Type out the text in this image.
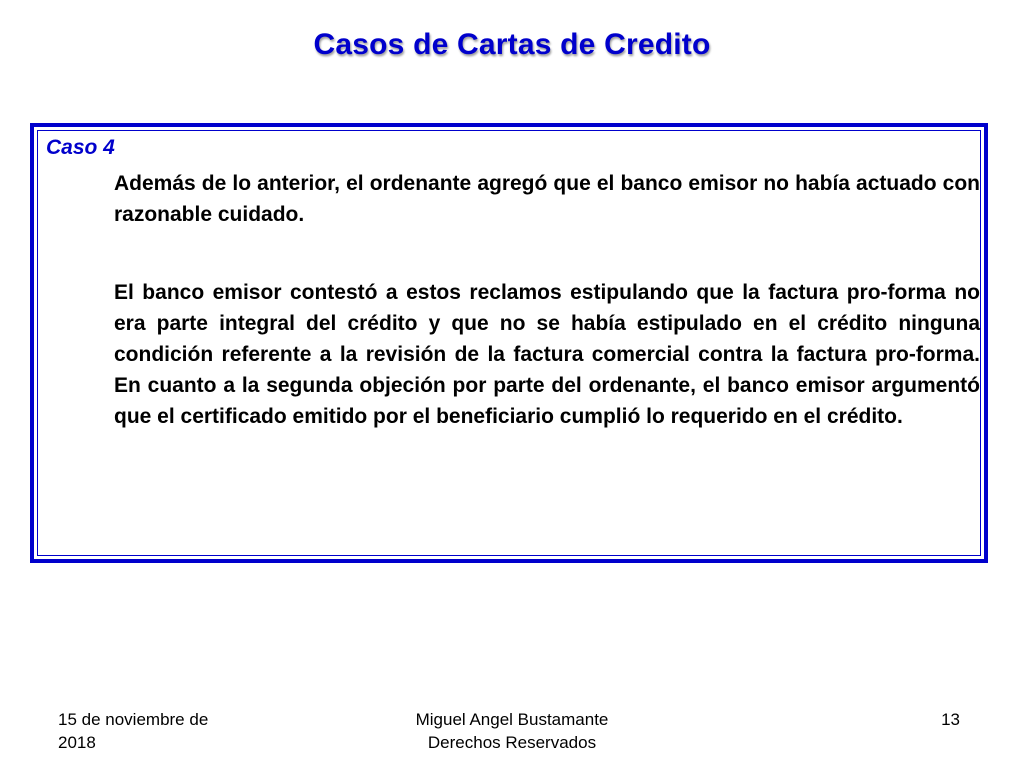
Casos de Cartas de Credito
Caso 4

Además de lo anterior, el ordenante agregó que el banco emisor no había actuado con razonable cuidado.

El banco emisor contestó a estos reclamos estipulando que la factura pro-forma no era parte integral del crédito y que no se había estipulado en el crédito ninguna condición referente a la revisión de la factura comercial contra la factura pro-forma. En cuanto a la segunda objeción por parte del ordenante, el banco emisor argumentó que el certificado emitido por el beneficiario cumplió lo requerido en el crédito.

15 de noviembre de
2018
Miguel Angel Bustamante
Derechos Reservados
13
